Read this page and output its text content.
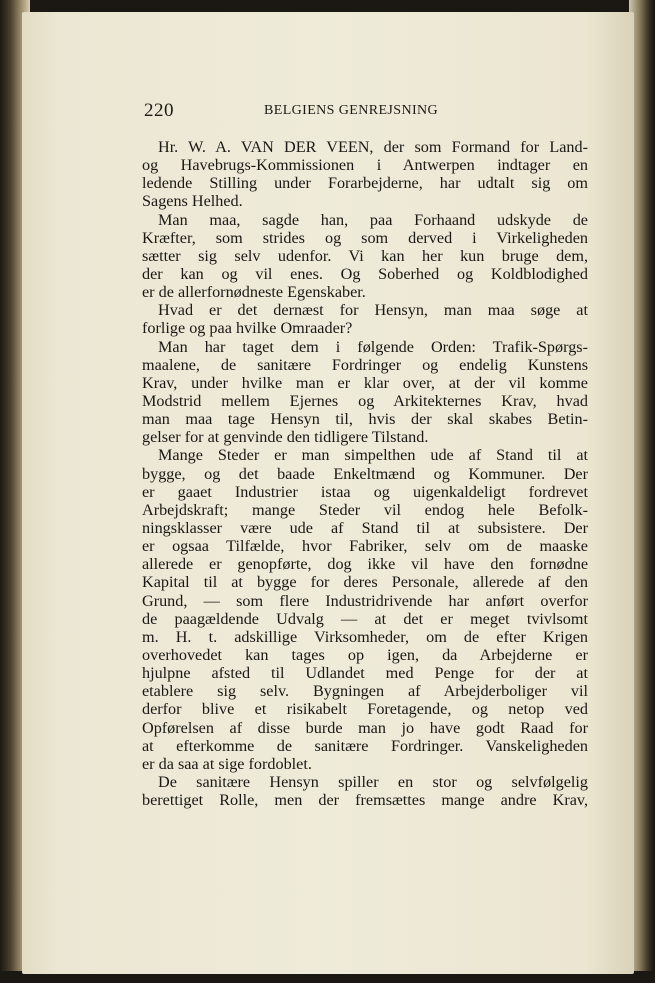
220	BELGIENS GENREJSNING
Hr. W. A. VAN DER VEEN, der som Formand for Land-
og Havebrugs-Kommissionen i Antwerpen indtager en
ledende Stilling under Forarbejderne, har udtalt sig om
Sagens Helhed.
Man maa, sagde han, paa Forhaand udskyde de
Kræfter, som strides og som derved i Virkeligheden
sætter sig selv udenfor. Vi kan her kun bruge dem,
der kan og vil enes. Og Soberhed og Koldblodighed
er de allerfornødneste Egenskaber.
Hvad er det dernæst for Hensyn, man maa søge at
forlige og paa hvilke Omraader?
Man har taget dem i følgende Orden: Trafik-Spørgs-
maalene, de sanitære Fordringer og endelig Kunstens
Krav, under hvilke man er klar over, at der vil komme
Modstrid mellem Ejernes og Arkitekternes Krav, hvad
man maa tage Hensyn til, hvis der skal skabes Betin-
gelser for at genvinde den tidligere Tilstand.
Mange Steder er man simpelthen ude af Stand til at
bygge, og det baade Enkeltmænd og Kommuner. Der
er gaaet Industrier istaa og uigenkaldeligt fordrevet
Arbejdskraft; mange Steder vil endog hele Befolk-
ningsklasser være ude af Stand til at subsistere. Der
er ogsaa Tilfælde, hvor Fabriker, selv om de maaske
allerede er genopførte, dog ikke vil have den fornødne
Kapital til at bygge for deres Personale, allerede af den
Grund, — som flere Industridrivende har anført overfor
de paagældende Udvalg — at det er meget tvivlsomt
m. H. t. adskillige Virksomheder, om de efter Krigen
overhovedet kan tages op igen, da Arbejderne er
hjulpne afsted til Udlandet med Penge for der at
etablere sig selv. Bygningen af Arbejderboliger vil
derfor blive et risikabelt Foretagende, og netop ved
Opførelsen af disse burde man jo have godt Raad for
at efterkomme de sanitære Fordringer. Vanskeligheden
er da saa at sige fordoblet.
De sanitære Hensyn spiller en stor og selvfølgelig
berettiget Rolle, men der fremsættes mange andre Krav,
